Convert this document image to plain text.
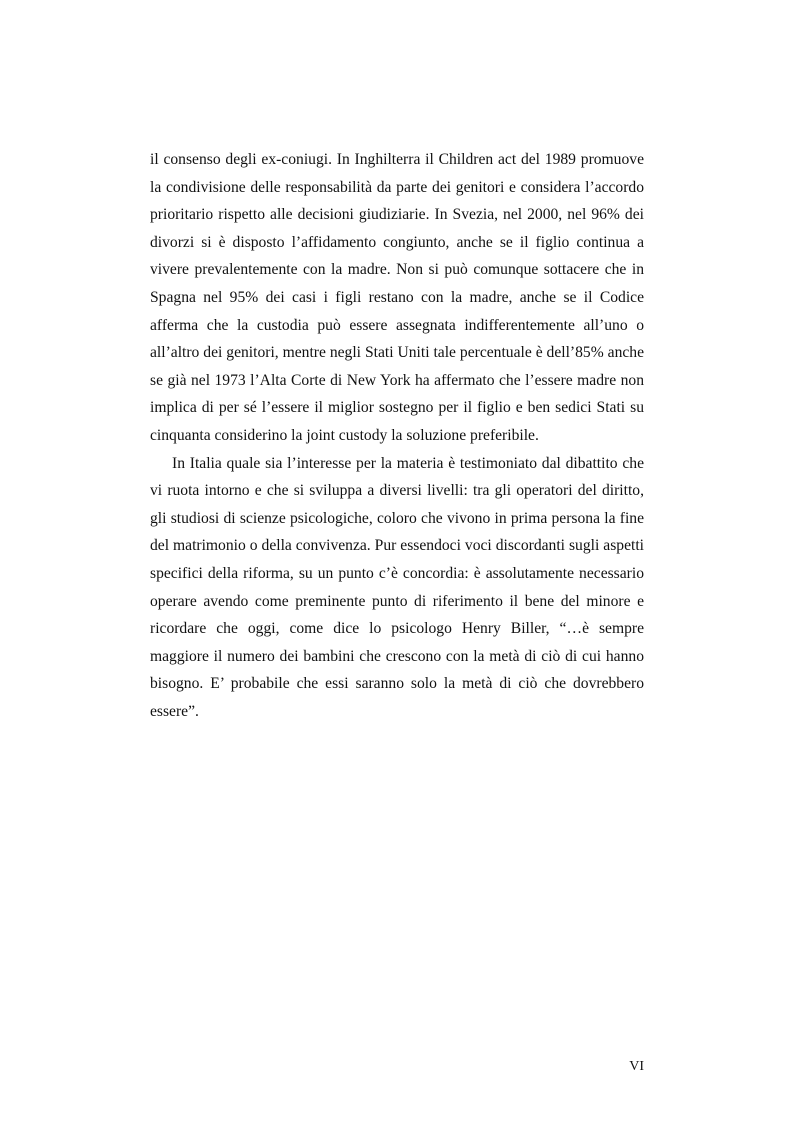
il consenso degli ex-coniugi. In Inghilterra il Children act del 1989 promuove la condivisione delle responsabilità da parte dei genitori e considera l’accordo prioritario rispetto alle decisioni giudiziarie. In Svezia, nel 2000, nel 96% dei divorzi si è disposto l’affidamento congiunto, anche se il figlio continua a vivere prevalentemente con la madre. Non si può comunque sottacere che in Spagna nel 95% dei casi i figli restano con la madre, anche se il Codice afferma che la custodia può essere assegnata indifferentemente all’uno o all’altro dei genitori, mentre negli Stati Uniti tale percentuale è dell’85% anche se già nel 1973 l’Alta Corte di New York ha affermato che l’essere madre non implica di per sé l’essere il miglior sostegno per il figlio e ben sedici Stati su cinquanta considerino la joint custody la soluzione preferibile.

In Italia quale sia l’interesse per la materia è testimoniato dal dibattito che vi ruota intorno e che si sviluppa a diversi livelli: tra gli operatori del diritto, gli studiosi di scienze psicologiche, coloro che vivono in prima persona la fine del matrimonio o della convivenza. Pur essendoci voci discordanti sugli aspetti specifici della riforma, su un punto c’è concordia: è assolutamente necessario operare avendo come preminente punto di riferimento il bene del minore e ricordare che oggi, come dice lo psicologo Henry Biller, “…è sempre maggiore il numero dei bambini che crescono con la metà di ciò di cui hanno bisogno. E’ probabile che essi saranno solo la metà di ciò che dovrebbero essere”.

VI
